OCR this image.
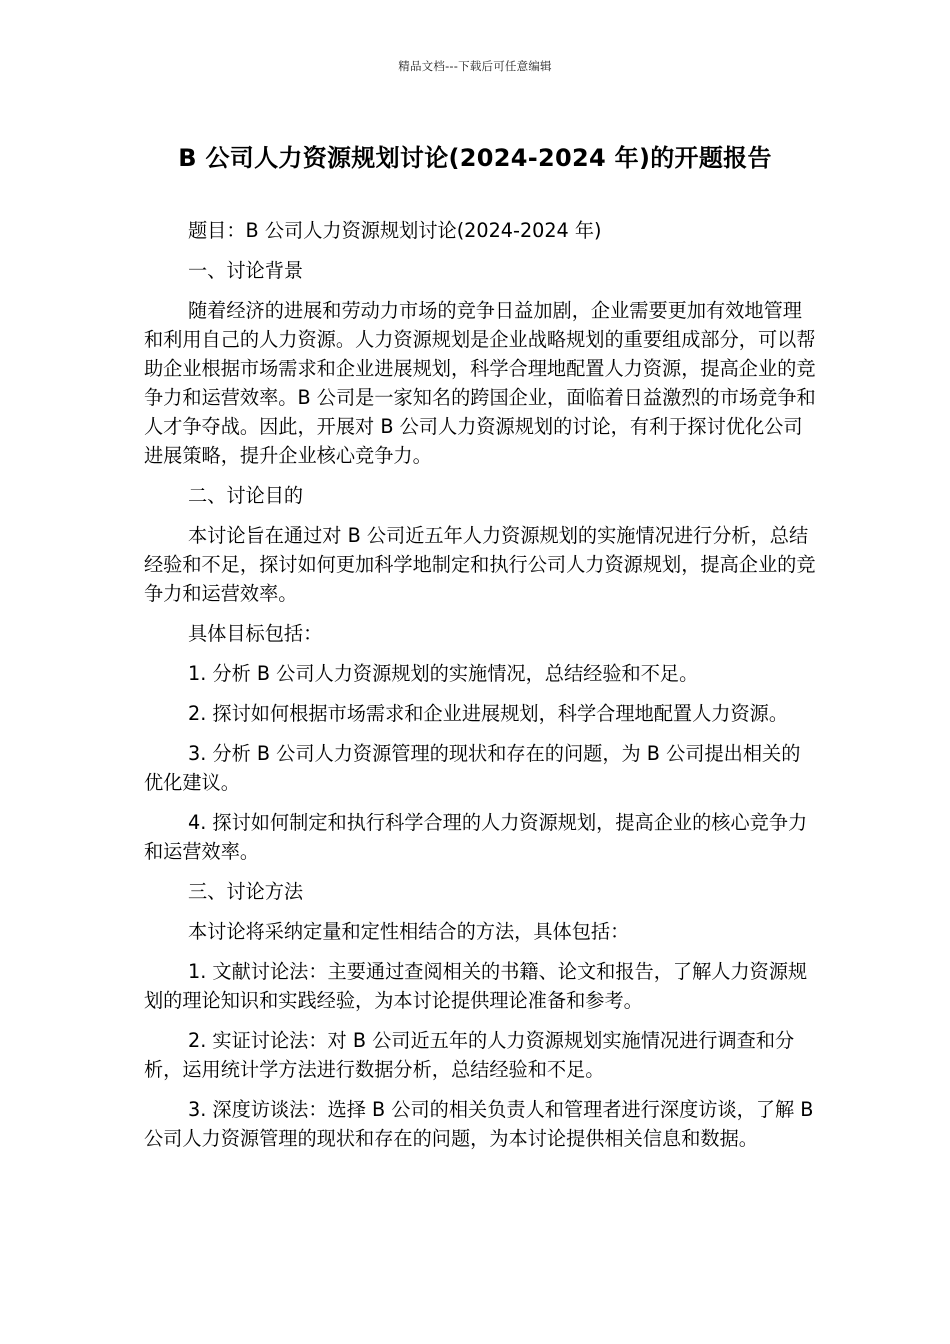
精品文档---下载后可任意编辑
B 公司人力资源规划讨论(2024-2024 年)的开题报告

题目：B 公司人力资源规划讨论(2024-2024 年)

一、讨论背景

随着经济的进展和劳动力市场的竞争日益加剧，企业需要更加有效地管理和利用自己的人力资源。人力资源规划是企业战略规划的重要组成部分，可以帮助企业根据市场需求和企业进展规划，科学合理地配置人力资源，提高企业的竞争力和运营效率。B 公司是一家知名的跨国企业，面临着日益激烈的市场竞争和人才争夺战。因此，开展对 B 公司人力资源规划的讨论，有利于探讨优化公司进展策略，提升企业核心竞争力。

二、讨论目的

本讨论旨在通过对 B 公司近五年人力资源规划的实施情况进行分析，总结经验和不足，探讨如何更加科学地制定和执行公司人力资源规划，提高企业的竞争力和运营效率。

具体目标包括：

1. 分析 B 公司人力资源规划的实施情况，总结经验和不足。

2. 探讨如何根据市场需求和企业进展规划，科学合理地配置人力资源。

3. 分析 B 公司人力资源管理的现状和存在的问题，为 B 公司提出相关的优化建议。

4. 探讨如何制定和执行科学合理的人力资源规划，提高企业的核心竞争力和运营效率。

三、讨论方法

本讨论将采纳定量和定性相结合的方法，具体包括：

1. 文献讨论法：主要通过查阅相关的书籍、论文和报告，了解人力资源规划的理论知识和实践经验，为本讨论提供理论准备和参考。

2. 实证讨论法：对 B 公司近五年的人力资源规划实施情况进行调查和分析，运用统计学方法进行数据分析，总结经验和不足。

3. 深度访谈法：选择 B 公司的相关负责人和管理者进行深度访谈，了解 B 公司人力资源管理的现状和存在的问题，为本讨论提供相关信息和数据。
